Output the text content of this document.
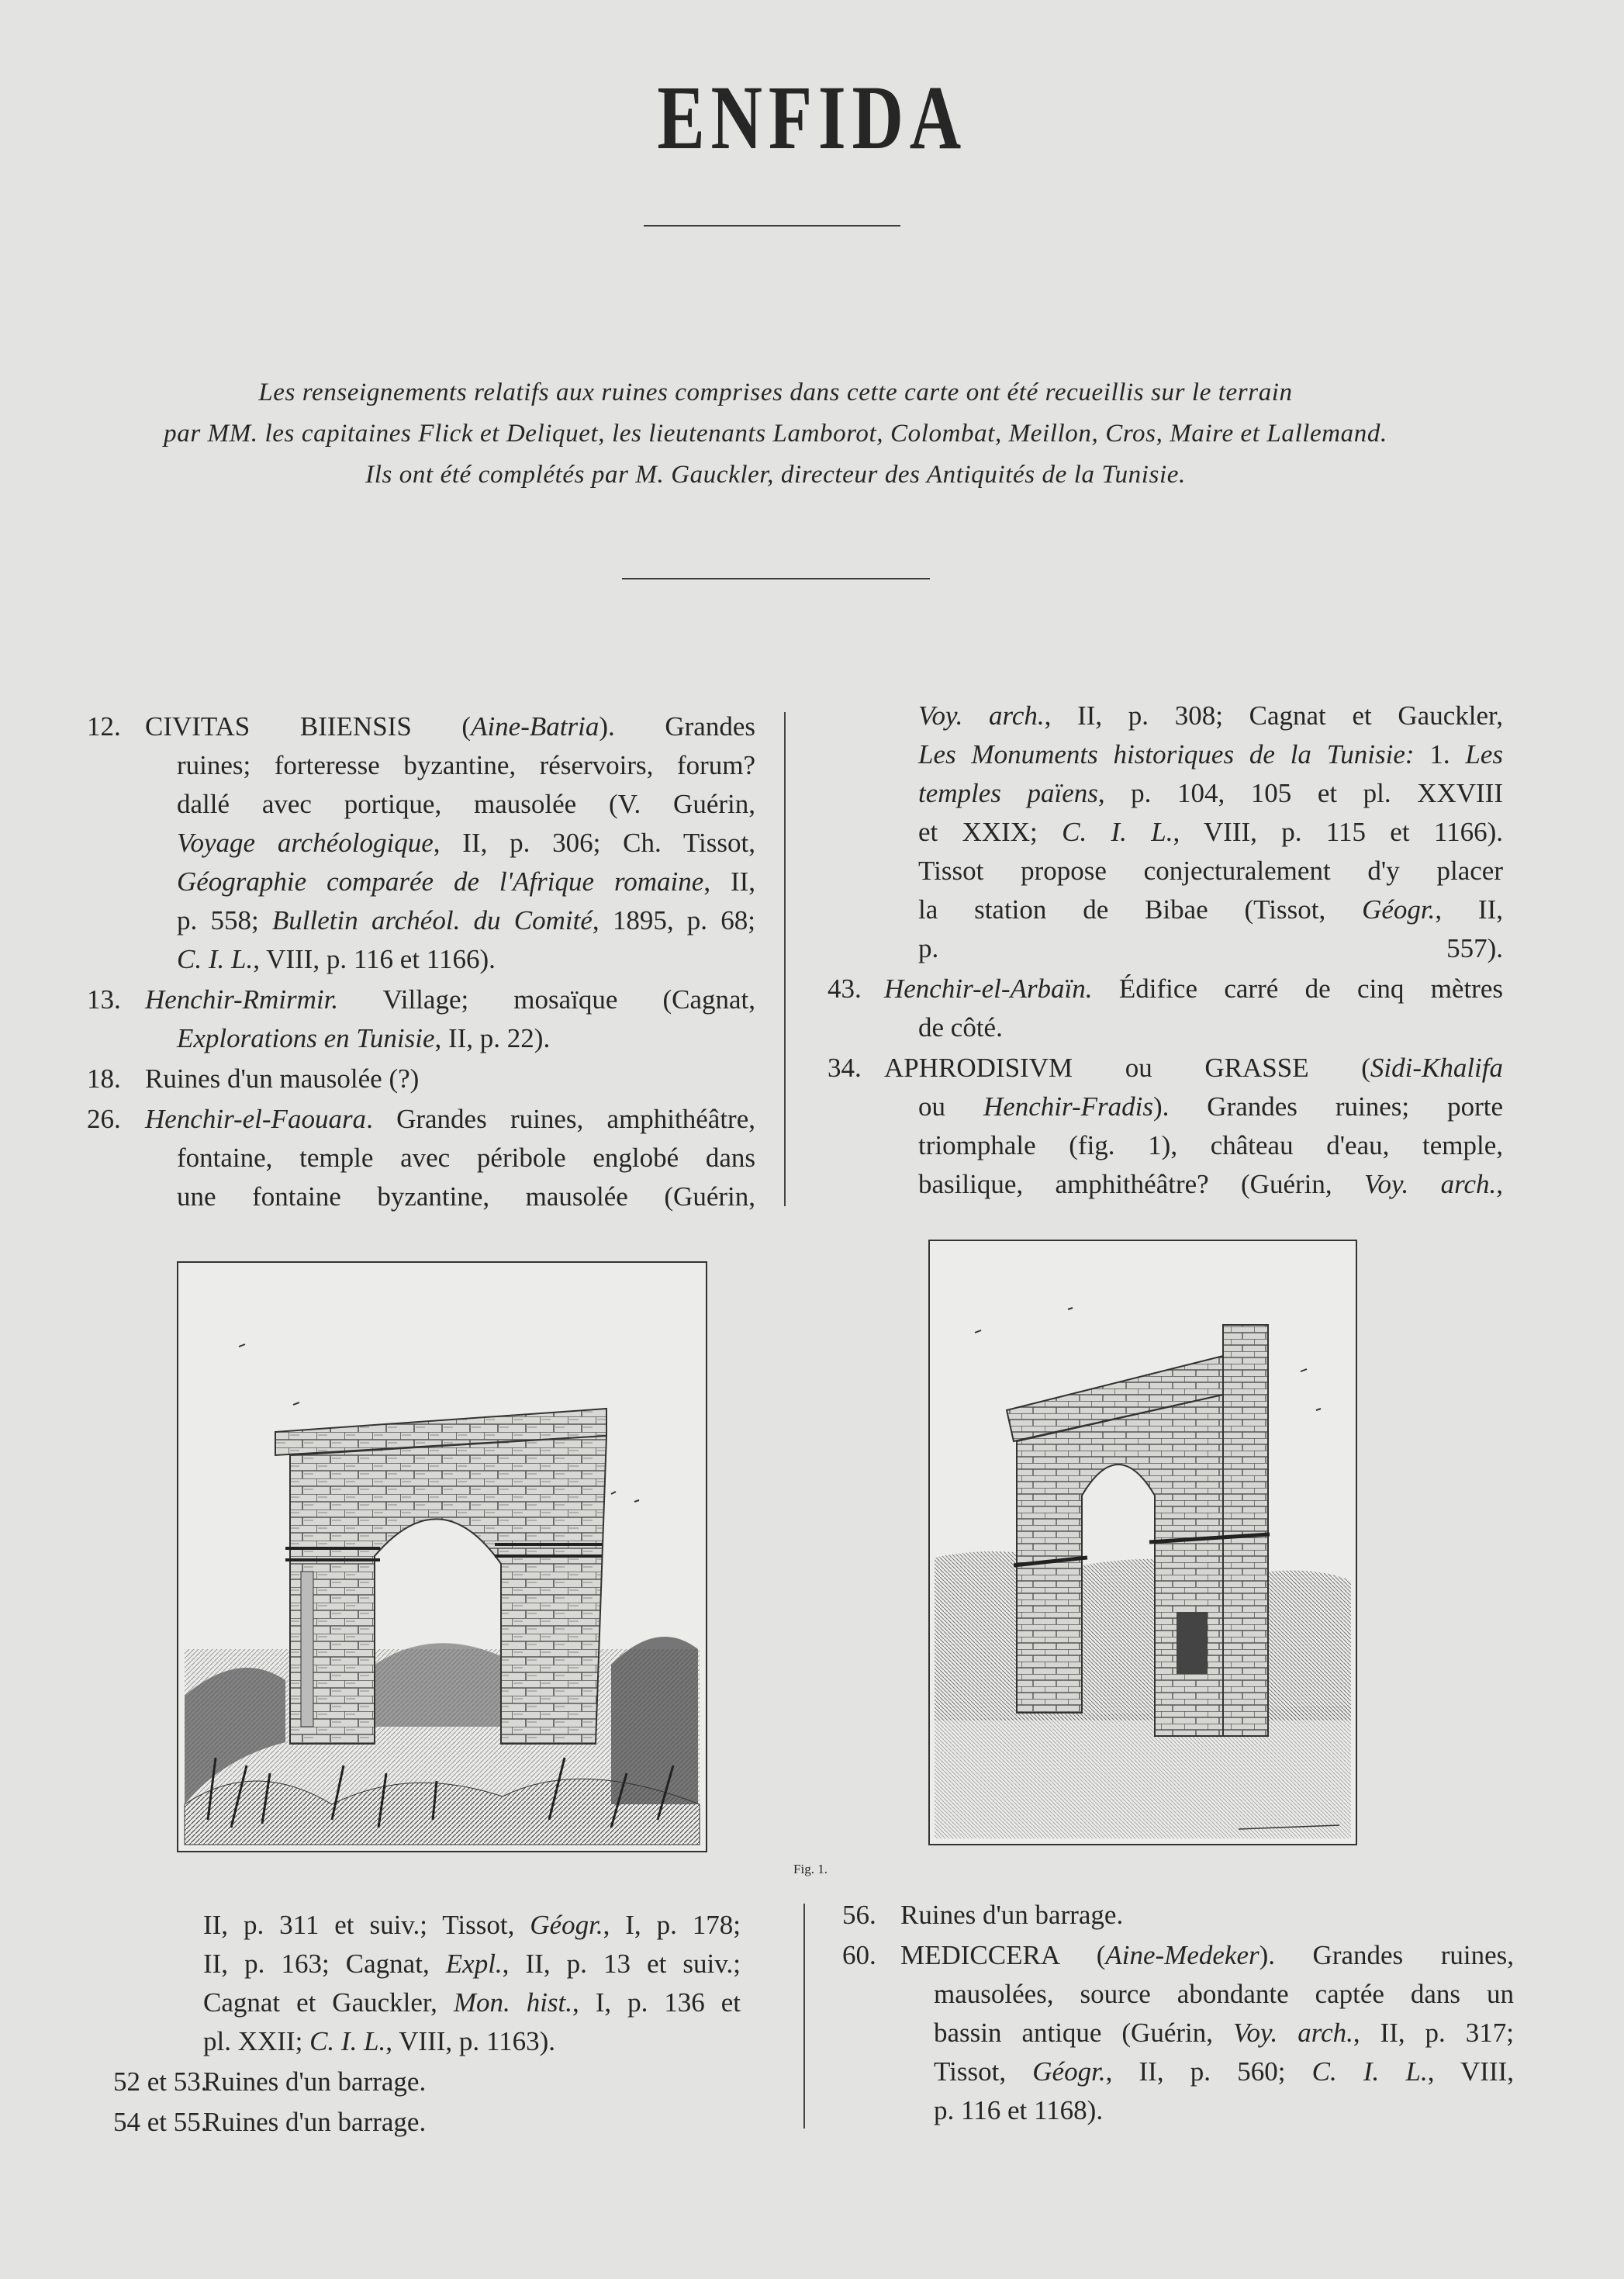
ENFIDA
Les renseignements relatifs aux ruines comprises dans cette carte ont été recueillis sur le terrain
par MM. les capitaines Flick et Deliquet, les lieutenants Lamborot, Colombat, Meillon, Cros, Maire et Lallemand.
Ils ont été complétés par M. Gauckler, directeur des Antiquités de la Tunisie.
12. CIVITAS BIIENSIS (Aine-Batria). Grandes
ruines; forteresse byzantine, réservoirs, forum?
dallé avec portique, mausolée (V. Guérin,
Voyage archéologique, II, p. 306; Ch. Tissot,
Géographie comparée de l'Afrique romaine, II,
p. 558; Bulletin archéol. du Comité, 1895, p. 68;
C. I. L., VIII, p. 116 et 1166).
13. Henchir-Rmirmir. Village; mosaïque (Cagnat,
Explorations en Tunisie, II, p. 22).
18. Ruines d'un mausolée (?)
26. Henchir-el-Faouara. Grandes ruines, amphithéâtre,
fontaine, temple avec péribole englobé dans
une fontaine byzantine, mausolée (Guérin,
Voy. arch., II, p. 308; Cagnat et Gauckler,
Les Monuments historiques de la Tunisie: 1. Les
temples païens, p. 104, 105 et pl. XXVIII
et XXIX; C. I. L., VIII, p. 115 et 1166).
Tissot propose conjecturalement d'y placer
la station de Bibae (Tissot, Géogr., II,
p. 557).
43. Henchir-el-Arbaïn. Édifice carré de cinq mètres
de côté.
34. APHRODISIVM ou GRASSE (Sidi-Khalifa
ou Henchir-Fradis). Grandes ruines; porte
triomphale (fig. 1), château d'eau, temple,
basilique, amphithéâtre? (Guérin, Voy. arch.,
Fig. 1.
II, p. 311 et suiv.; Tissot, Géogr., I, p. 178;
II, p. 163; Cagnat, Expl., II, p. 13 et suiv.;
Cagnat et Gauckler, Mon. hist., I, p. 136 et
pl. XXII; C. I. L., VIII, p. 1163).
52 et 53.
Ruines d'un barrage.
54 et 55.
Ruines d'un barrage.
56. Ruines d'un barrage.
60. MEDICCERA (Aine-Medeker). Grandes ruines,
mausolées, source abondante captée dans un
bassin antique (Guérin, Voy. arch., II, p. 317;
Tissot, Géogr., II, p. 560; C. I. L., VIII,
p. 116 et 1168).
